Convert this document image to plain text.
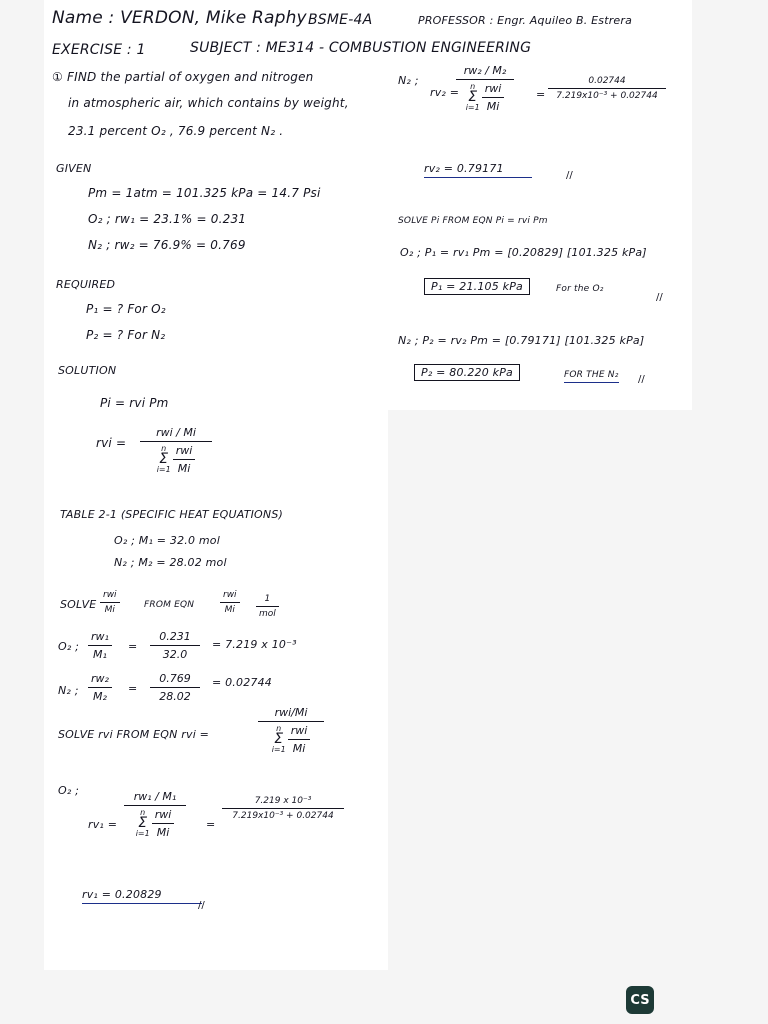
Name : VERDON, Mike Raphy BSME-4A	PROFESSOR : Engr. Aquileo B. Estrera
EXERCISE : 1	SUBJECT : ME314 - COMBUSTION ENGINEERING
① FIND the partial of oxygen and nitrogen
in atmospheric air, which contains by weight,
23.1 percent O₂ , 76.9 percent N₂ .
GIVEN
Pm = 1atm = 101.325 kPa = 14.7 Psi
O₂ ; rw₁ = 23.1% = 0.231
N₂ ; rw₂ = 76.9% = 0.769
REQUIRED
P₁ = ? For O₂
P₂ = ? For N₂
SOLUTION
Pi = rvi Pm
rvi =
rwi / Mi
n
Σ
$i=1 \frac{\text{rwi}}{Mi}$
TABLE 2-1 (SPECIFIC HEAT EQUATIONS)
O₂ ; M₁ = 32.0 mol
N₂ ; M₂ = 28.02 mol
SOLVE
rwi
Mi	FROM EQN
rwi
Mi
1
mol
O₂ ;
rw₁
M₁
=
0.231
32.0
= 7.219 x 10⁻³
N₂ ;
rw₂
M₂
=
0.769
28.02
= 0.02744
SOLVE rvi FROM EQN rvi =
rwi/Mi
n
Σ
$i=1 \frac{\text{rwi}}{Mi}$
O₂ ;
rv₁ =
rw₁ / M₁
n
Σ
$i=1 \frac{\text{rwi}}{Mi}$	=
7.219 x 10⁻³
7.219x10⁻³ + 0.02744
rv₁ = 0.20829
//
N₂ ;
rv₂ =
rw₂ / M₂
n
Σ
$i=1 \frac{\text{rwi}}{Mi}$	=
0.02744
7.219x10⁻³ + 0.02744
rv₂ = 0.79171
//
SOLVE Pi FROM EQN Pi = rvi Pm
O₂ ; P₁ = rv₁ Pm = [0.20829] [101.325 kPa]
P₁ = 21.105 kPa	For the O₂
//
N₂ ; P₂ = rv₂ Pm = [0.79171] [101.325 kPa]
P₂ = 80.220 kPa	FOR THE N₂ //
CS
